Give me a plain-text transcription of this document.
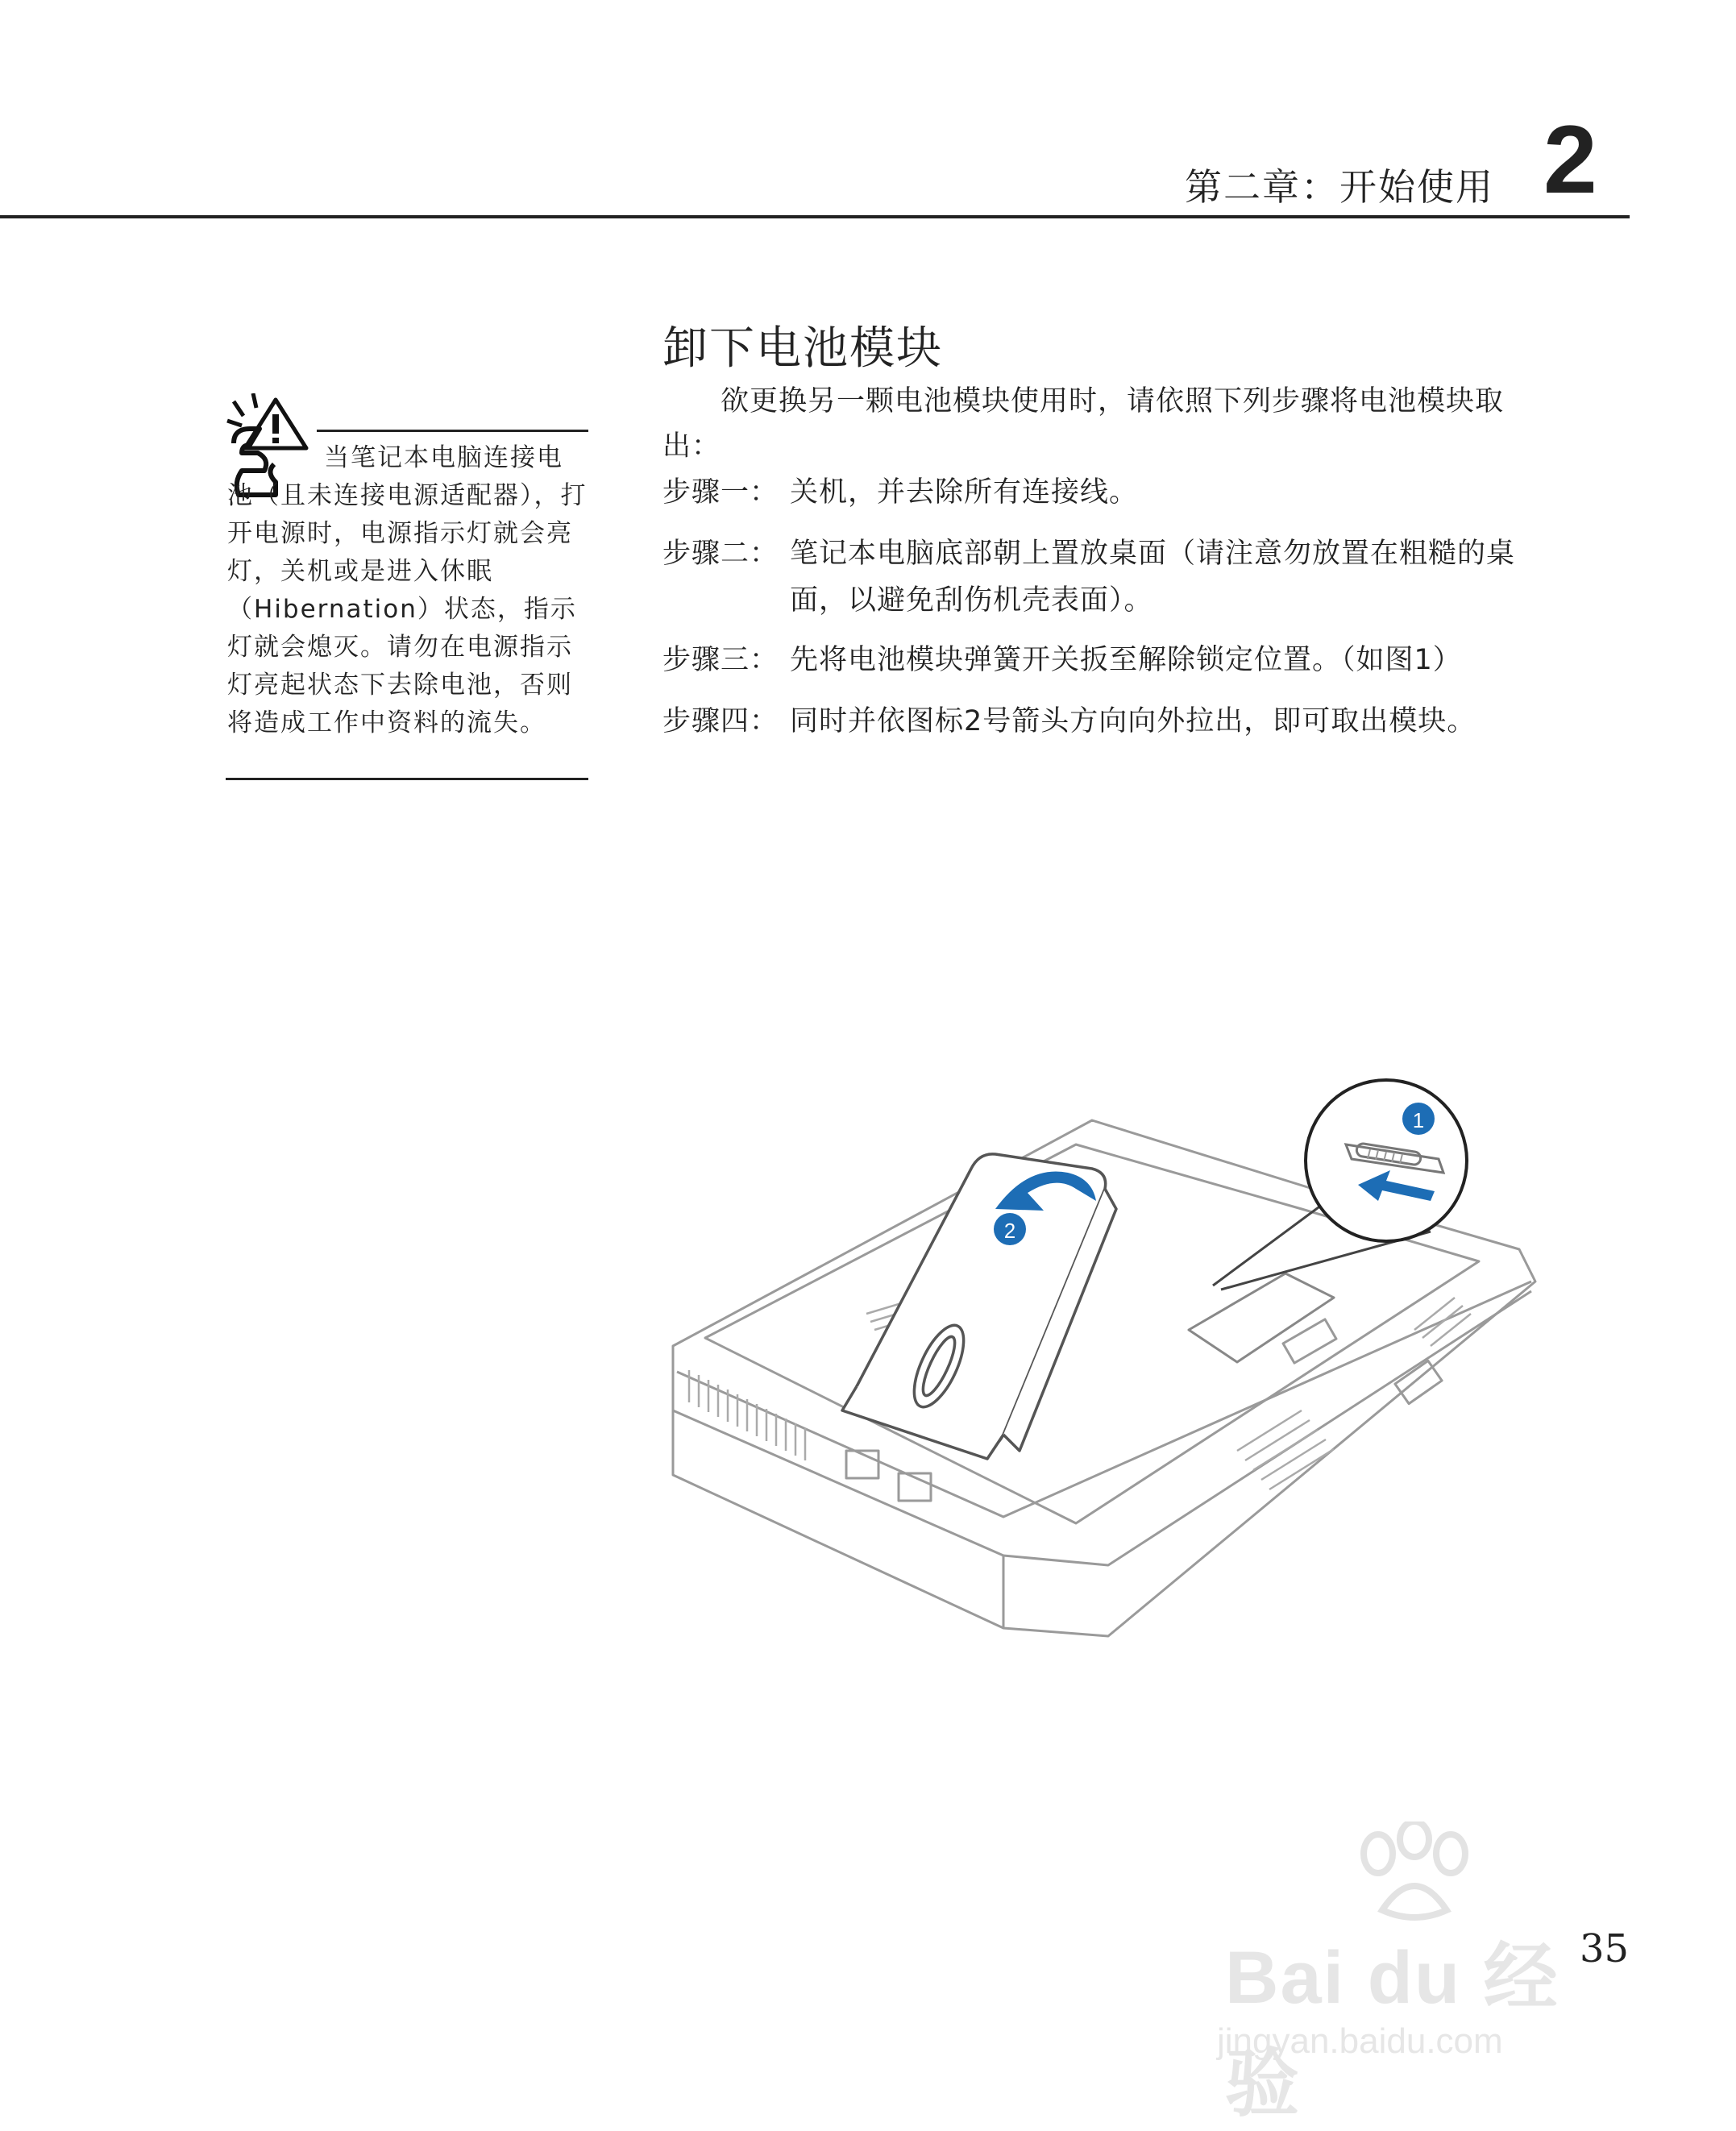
第二章：开始使用 2
当笔记本电脑连接电
池（且未连接电源适配器），打开电源时，电源指示灯就会亮灯，关机或是进入休眠（Hibernation）状态，指示灯就会熄灭。请勿在电源指示灯亮起状态下去除电池，否则将造成工作中资料的流失。
卸下电池模块
欲更换另一颗电池模块使用时，请依照下列步骤将电池模块取出：
步骤一： 关机，并去除所有连接线。
步骤二： 笔记本电脑底部朝上置放桌面（请注意勿放置在粗糙的桌面，以避免刮伤机壳表面）。
步骤三： 先将电池模块弹簧开关扳至解除锁定位置。（如图1）
步骤四： 同时并依图标2号箭头方向向外拉出，即可取出模块。
2
1
Bai du 经验
jingyan.baidu.com
35
